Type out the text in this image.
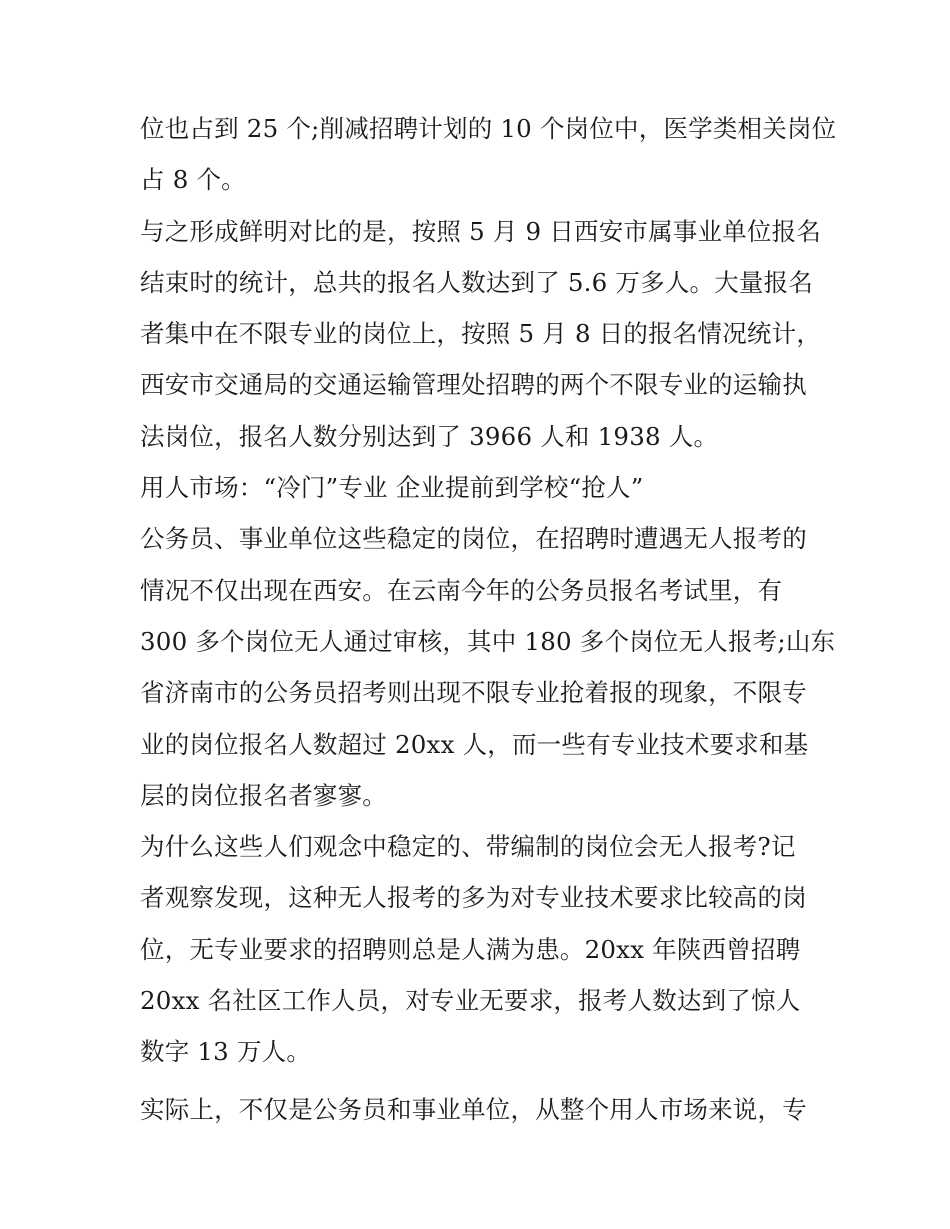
位也占到 25 个;削减招聘计划的 10 个岗位中，医学类相关岗位
占 8 个。
与之形成鲜明对比的是，按照 5 月 9 日西安市属事业单位报名
结束时的统计，总共的报名人数达到了 5.6 万多人。大量报名
者集中在不限专业的岗位上，按照 5 月 8 日的报名情况统计，
西安市交通局的交通运输管理处招聘的两个不限专业的运输执
法岗位，报名人数分别达到了 3966 人和 1938 人。
用人市场：“冷门”专业 企业提前到学校“抢人”
公务员、事业单位这些稳定的岗位，在招聘时遭遇无人报考的
情况不仅出现在西安。在云南今年的公务员报名考试里，有
300 多个岗位无人通过审核，其中 180 多个岗位无人报考;山东
省济南市的公务员招考则出现不限专业抢着报的现象，不限专
业的岗位报名人数超过 20xx 人，而一些有专业技术要求和基
层的岗位报名者寥寥。
为什么这些人们观念中稳定的、带编制的岗位会无人报考?记
者观察发现，这种无人报考的多为对专业技术要求比较高的岗
位，无专业要求的招聘则总是人满为患。20xx 年陕西曾招聘
20xx 名社区工作人员，对专业无要求，报考人数达到了惊人
数字 13 万人。
实际上，不仅是公务员和事业单位，从整个用人市场来说，专
